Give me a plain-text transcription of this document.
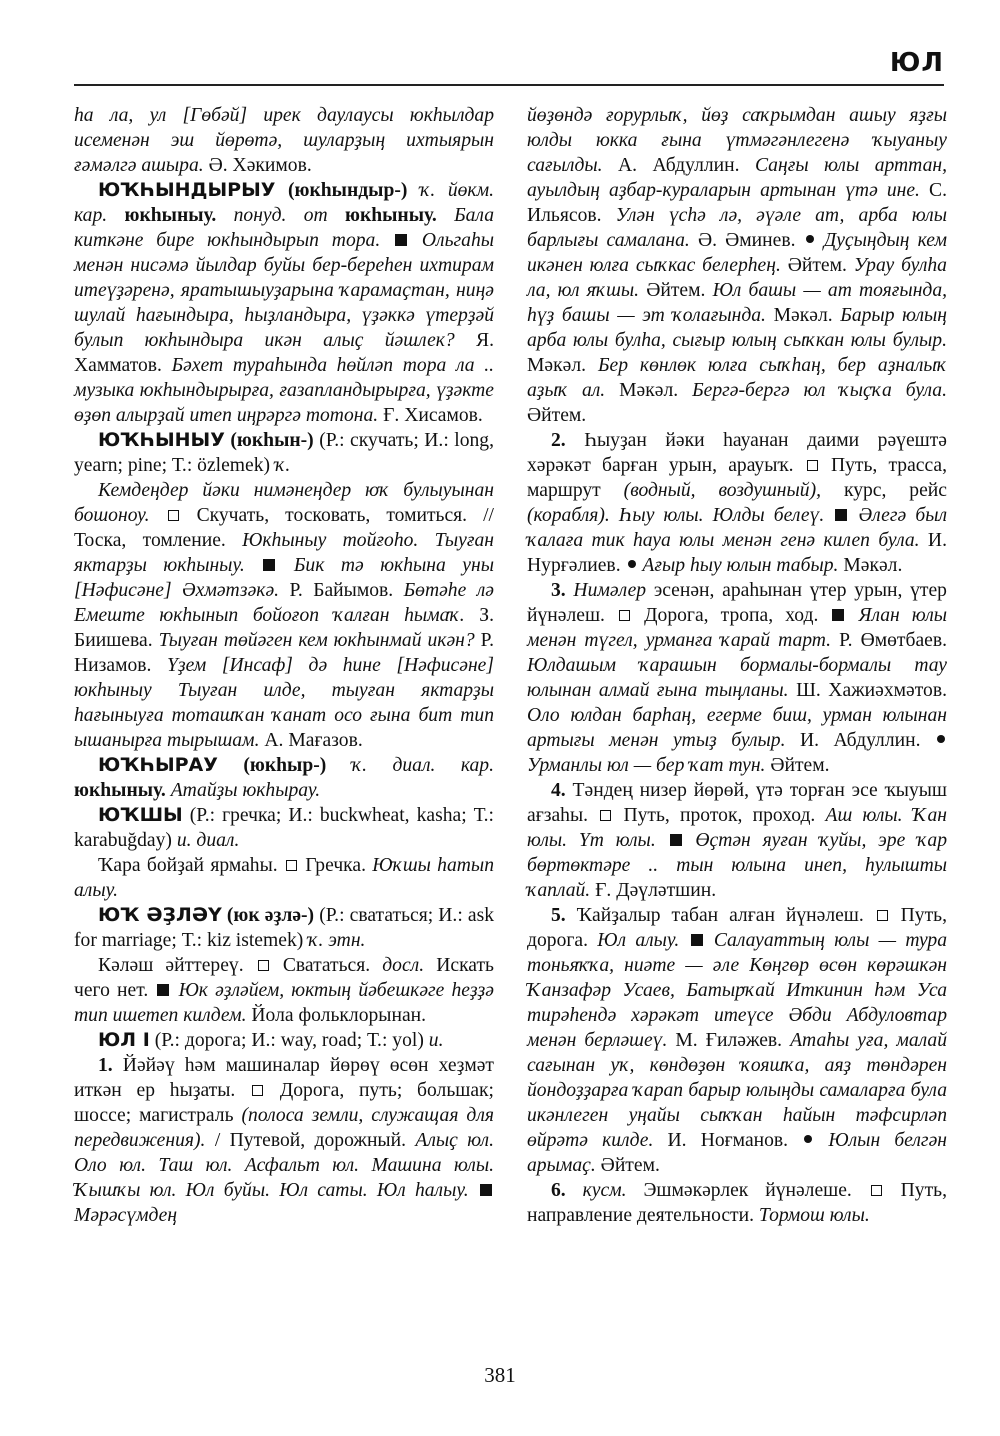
ЮЛ

һа ла, ул [Гөбәй] ирек даулаусы юкһылдар исеменән эш йөрөтә, шуларҙың ихтыярын ғәмәлгә ашыра. Ә. Хәкимов.

ЮҠҺЫНДЫРЫУ (юкһындыр-) ҡ. йөкм. кар. юкһыныу. понуд. от юкһыныу. Бала киткәне бире юкһындырып тора. Ольгаһы менән нисәмә йылдар буйы бер-береһен ихтирам итеүҙәренә, яратышыуҙарына ҡарамаҫтан, ниңә шулай һағындыра, һыҙландыра, үҙәккә үтерҙәй булып юкһындыра икән алыҫ йәшлек? Я. Хамматов. Бәхет тураһында һөйләп тора ла .. музыка юкһындырырға, ғазапландырырға, үҙәкте өҙөп алырҙай итеп иңрәргә тотона. Ғ. Хисамов.

ЮҠҺЫНЫУ (юкһын-) (Р.: скучать; И.: long, yearn; pine; Т.: özlemek) ҡ.

Кемдеңдер йәки нимәнеңдер юҡ булыуынан бошоноу. Скучать, тосковать, томиться. // Тоска, томление. Юкһыныу тойғоһо. Тыуған яктарҙы юкһыныу.	Бик тә юкһына уны [Нәфисәне] Әхмәтзәкә. Р. Байымов. Бөтәһе лә Емеште юкһынып бойоғоп ҡалған һымаҡ. З. Биишева. Тыуған төйәген кем юкһынмай икән? Р. Низамов. Үҙем [Инсаф] дә һине [Нәфисәне] юкһыныу Тыуған илде, тыуған яктарҙы һағыныуға тоташҡан ҡанат осо ғына бит тип ышанырға тырышам. А. Мағазов.

ЮҠҺЫРАУ (юкһыр-) ҡ. диал. кар. юкһыныу. Атайҙы юкһырау.

ЮҠШЫ (Р.: гречка; И.: buckwheat, kasha; Т.: karabuğday) и. диал.

Ҡара бойҙай ярмаһы. Гречка. Юҡшы һатып алыу.

ЮҠ ӘҘЛӘҮ (юк әҙлә-) (Р.: свататься; И.: ask for marriage; Т.: kiz istemek) ҡ. этн.

Кәләш әйттереү. Свататься. досл. Искать чего нет. Юк әҙләйем, юктың йәбешкәге һеҙҙә тип ишетеп килдем. Йола фольклорынан.

ЮЛ I (Р.: дорога; И.: way, road; Т.: yol) и.

1. Йәйәү һәм машиналар йөрөү өсөн хеҙмәт иткән ер һыҙаты. Дорога, путь; большак; шоссе; магистраль (полоса земли, служащая для передвижения). / Путевой, дорожный. Алыҫ юл. Оло юл. Таш юл. Асфальт юл. Машина юлы. Ҡышҡы юл. Юл буйы. Юл саты. Юл һалыу.  Мәрәсүмдең

йөҙөндә ғорурлыҡ, йөҙ саҡрымдан ашыу яҙғы юлды юкка ғына үтмәгәнлегенә ҡыуаныу сағылды. А. Абдуллин. Саңғы юлы арттан, ауылдың аҙбар-кураларын артынан үтә ине. С. Ильясов. Улән үсһә лә, әүәле ат, арба юлы барлығы самалана. Ә. Әминев. Дуҫыңдың кем икәнен юлға сыҡкас белерһең. Әйтем. Урау булһа ла, юл яҡшы. Әйтем. Юл башы — ат тояғында, һүҙ башы — эт ҡолағында. Мәкәл. Барыр юлың арба юлы булһа, сығыр юлың сыҡкан юлы булыр. Мәкәл. Бер көнлөк юлға сыҡһаң, бер аҙналыҡ аҙыҡ ал. Мәкәл. Бергә-бергә юл ҡыҫҡа була. Әйтем.

2. Һыуҙан йәки һауанан даими рәүештә хәрәкәт барған урын, арауыҡ. Путь, трасса, маршрут (водный, воздушный), курс, рейс (корабля). Һыу юлы. Юлды белеү. Әлегә был ҡалаға тик һауа юлы менән генә килеп була. И. Нурғәлиев. Ағыр һыу юлын табыр. Мәкәл.

3. Нимәлер эсенән, араһынан үтер урын, үтер йүнәлеш. Дорога, тропа, ход. Ялан юлы менән түгел, урманға ҡарай тарт. Р. Өмөтбаев. Юлдашым ҡарашын бормалы-бормалы тау юлынан алмай ғына тыңланы. Ш. Хажиәхмәтов. Оло юлдан барһаң, егерме биш, урман юлынан артығы менән утыҙ булыр. И. Абдуллин.  Урманлы юл — бер ҡат тун. Әйтем.

4. Тәндең низер йөрөй, үтә торған эсе ҡыуыш ағзаһы. Путь, проток, проход. Аш юлы. Ҡан юлы. Үт юлы. Өҫтән яуған ҡуйы, эре ҡар бөртөктәре .. тын юлына инеп, һулышты ҡаплай. Ғ. Дәүләтшин.

5. Ҡайҙалыр табан алған йүнәлеш. Путь, дорога. Юл алыу. Салауаттың юлы — тура тоньяҡҡа, ниәте — әле Көңгөр өсөн көрәшкән Ҡанзафәр Усаев, Батырҡай Иткинин һәм Уса тирәһендә хәрәкәт итеүсе Әбди Абдуловтар менән берләшеү. М. Ғиләжев. Атаһы уға, малай сағынан уҡ, көндөҙөн ҡояшҡа, аяҙ төндәрен йондоҙҙарға ҡарап барыр юлыңды самаларға була икәнлеген уңайы сыҡҡан һайын тәфсирләп өйрәтә килде. И. Ноғманов. Юлын белгән арымаҫ. Әйтем.

6. кусм. Эшмәкәрлек йүнәлеше. Путь, направление деятельности. Тормош юлы.

381
